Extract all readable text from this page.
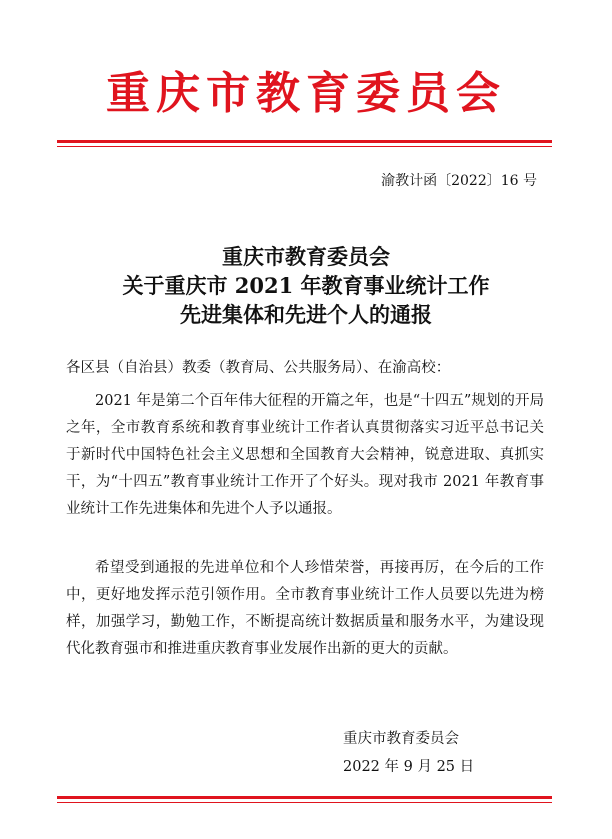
重庆市教育委员会
渝教计函〔2022〕16 号
重庆市教育委员会
关于重庆市 2021 年教育事业统计工作
先进集体和先进个人的通报
各区县（自治县）教委（教育局、公共服务局）、在渝高校：

2021 年是第二个百年伟大征程的开篇之年，也是“十四五”规划的开局之年，全市教育系统和教育事业统计工作者认真贯彻落实习近平总书记关于新时代中国特色社会主义思想和全国教育大会精神，锐意进取、真抓实干，为“十四五”教育事业统计工作开了个好头。现对我市 2021 年教育事业统计工作先进集体和先进个人予以通报。

希望受到通报的先进单位和个人珍惜荣誉，再接再厉，在今后的工作中，更好地发挥示范引领作用。全市教育事业统计工作人员要以先进为榜样，加强学习，勤勉工作，不断提高统计数据质量和服务水平，为建设现代化教育强市和推进重庆教育事业发展作出新的更大的贡献。

重庆市教育委员会
2022 年 9 月 25 日
